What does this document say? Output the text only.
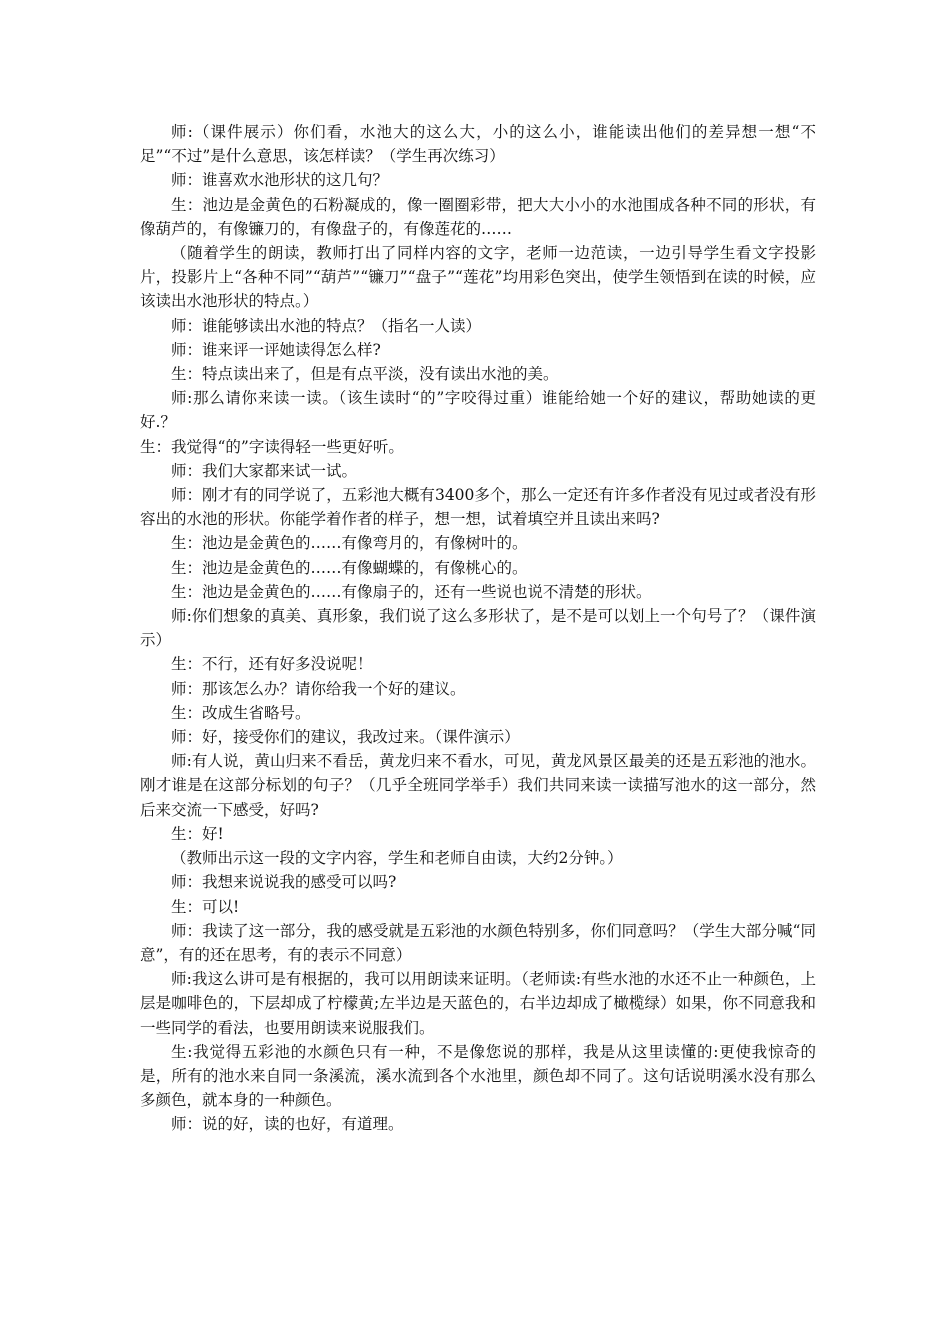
师:（课件展示）你们看，水池大的这么大，小的这么小，谁能读出他们的差异想一想“不足”“不过”是什么意思，该怎样读？（学生再次练习）

师：谁喜欢水池形状的这几句？

生：池边是金黄色的石粉凝成的，像一圈圈彩带，把大大小小的水池围成各种不同的形状，有像葫芦的，有像镰刀的，有像盘子的，有像莲花的……

（随着学生的朗读，教师打出了同样内容的文字，老师一边范读，一边引导学生看文字投影片，投影片上“各种不同”“葫芦”“镰刀”“盘子”“莲花”均用彩色突出，使学生领悟到在读的时候，应该读出水池形状的特点。）

师：谁能够读出水池的特点？（指名一人读）

师：谁来评一评她读得怎么样?

生：特点读出来了，但是有点平淡，没有读出水池的美。

师:那么请你来读一读。（该生读时“的”字咬得过重）谁能给她一个好的建议，帮助她读的更好.？

生：我觉得“的”字读得轻一些更好听。

师：我们大家都来试一试。

师：刚才有的同学说了，五彩池大概有3400多个，那么一定还有许多作者没有见过或者没有形容出的水池的形状。你能学着作者的样子，想一想，试着填空并且读出来吗?

生：池边是金黄色的……有像弯月的，有像树叶的。

生：池边是金黄色的……有像蝴蝶的，有像桃心的。

生：池边是金黄色的……有像扇子的，还有一些说也说不清楚的形状。

师:你们想象的真美、真形象，我们说了这么多形状了，是不是可以划上一个句号了？（课件演示）

生：不行，还有好多没说呢！

师：那该怎么办？请你给我一个好的建议。

生：改成生省略号。

师：好，接受你们的建议，我改过来。（课件演示）

师:有人说，黄山归来不看岳，黄龙归来不看水，可见，黄龙风景区最美的还是五彩池的池水。刚才谁是在这部分标划的句子？（几乎全班同学举手）我们共同来读一读描写池水的这一部分，然后来交流一下感受，好吗?

生：好!

（教师出示这一段的文字内容，学生和老师自由读，大约2分钟。）

师：我想来说说我的感受可以吗?

生：可以!

师：我读了这一部分，我的感受就是五彩池的水颜色特别多，你们同意吗？（学生大部分喊“同意”，有的还在思考，有的表示不同意）

师:我这么讲可是有根据的，我可以用朗读来证明。（老师读:有些水池的水还不止一种颜色，上层是咖啡色的，下层却成了柠檬黄;左半边是天蓝色的，右半边却成了橄榄绿）如果，你不同意我和一些同学的看法，也要用朗读来说服我们。

生:我觉得五彩池的水颜色只有一种，不是像您说的那样，我是从这里读懂的:更使我惊奇的是，所有的池水来自同一条溪流，溪水流到各个水池里，颜色却不同了。这句话说明溪水没有那么多颜色，就本身的一种颜色。

师：说的好，读的也好，有道理。
